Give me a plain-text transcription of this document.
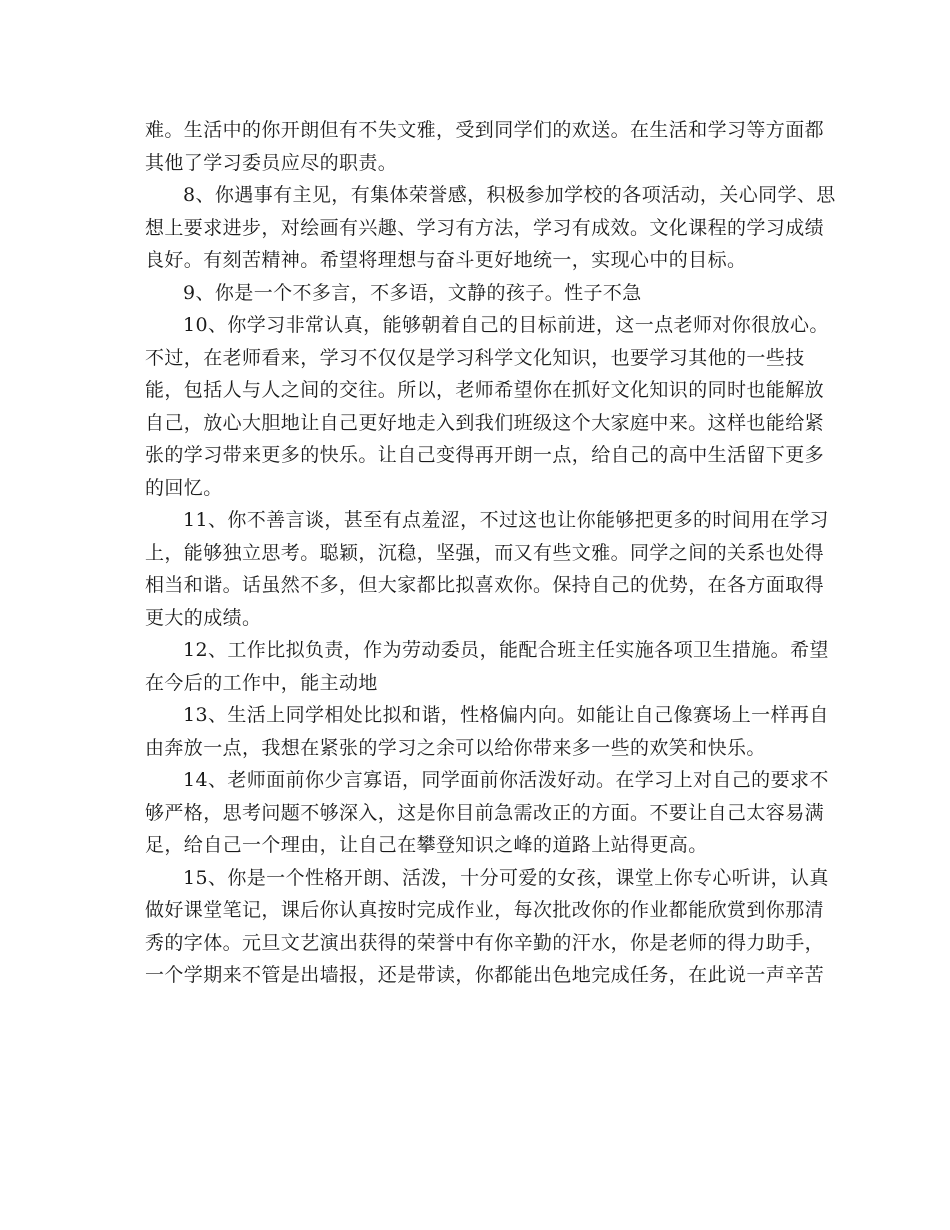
难。生活中的你开朗但有不失文雅，受到同学们的欢送。在生活和学习等方面都
其他了学习委员应尽的职责。
8、你遇事有主见，有集体荣誉感，积极参加学校的各项活动，关心同学、思
想上要求进步，对绘画有兴趣、学习有方法，学习有成效。文化课程的学习成绩
良好。有刻苦精神。希望将理想与奋斗更好地统一，实现心中的目标。
9、你是一个不多言，不多语，文静的孩子。性子不急
10、你学习非常认真，能够朝着自己的目标前进，这一点老师对你很放心。
不过，在老师看来，学习不仅仅是学习科学文化知识，也要学习其他的一些技
能，包括人与人之间的交往。所以，老师希望你在抓好文化知识的同时也能解放
自己，放心大胆地让自己更好地走入到我们班级这个大家庭中来。这样也能给紧
张的学习带来更多的快乐。让自己变得再开朗一点，给自己的高中生活留下更多
的回忆。
11、你不善言谈，甚至有点羞涩，不过这也让你能够把更多的时间用在学习
上，能够独立思考。聪颖，沉稳，坚强，而又有些文雅。同学之间的关系也处得
相当和谐。话虽然不多，但大家都比拟喜欢你。保持自己的优势，在各方面取得
更大的成绩。
12、工作比拟负责，作为劳动委员，能配合班主任实施各项卫生措施。希望
在今后的工作中，能主动地
13、生活上同学相处比拟和谐，性格偏内向。如能让自己像赛场上一样再自
由奔放一点，我想在紧张的学习之余可以给你带来多一些的欢笑和快乐。
14、老师面前你少言寡语，同学面前你活泼好动。在学习上对自己的要求不
够严格，思考问题不够深入，这是你目前急需改正的方面。不要让自己太容易满
足，给自己一个理由，让自己在攀登知识之峰的道路上站得更高。
15、你是一个性格开朗、活泼，十分可爱的女孩，课堂上你专心听讲，认真
做好课堂笔记，课后你认真按时完成作业，每次批改你的作业都能欣赏到你那清
秀的字体。元旦文艺演出获得的荣誉中有你辛勤的汗水，你是老师的得力助手，
一个学期来不管是出墙报，还是带读，你都能出色地完成任务，在此说一声辛苦
